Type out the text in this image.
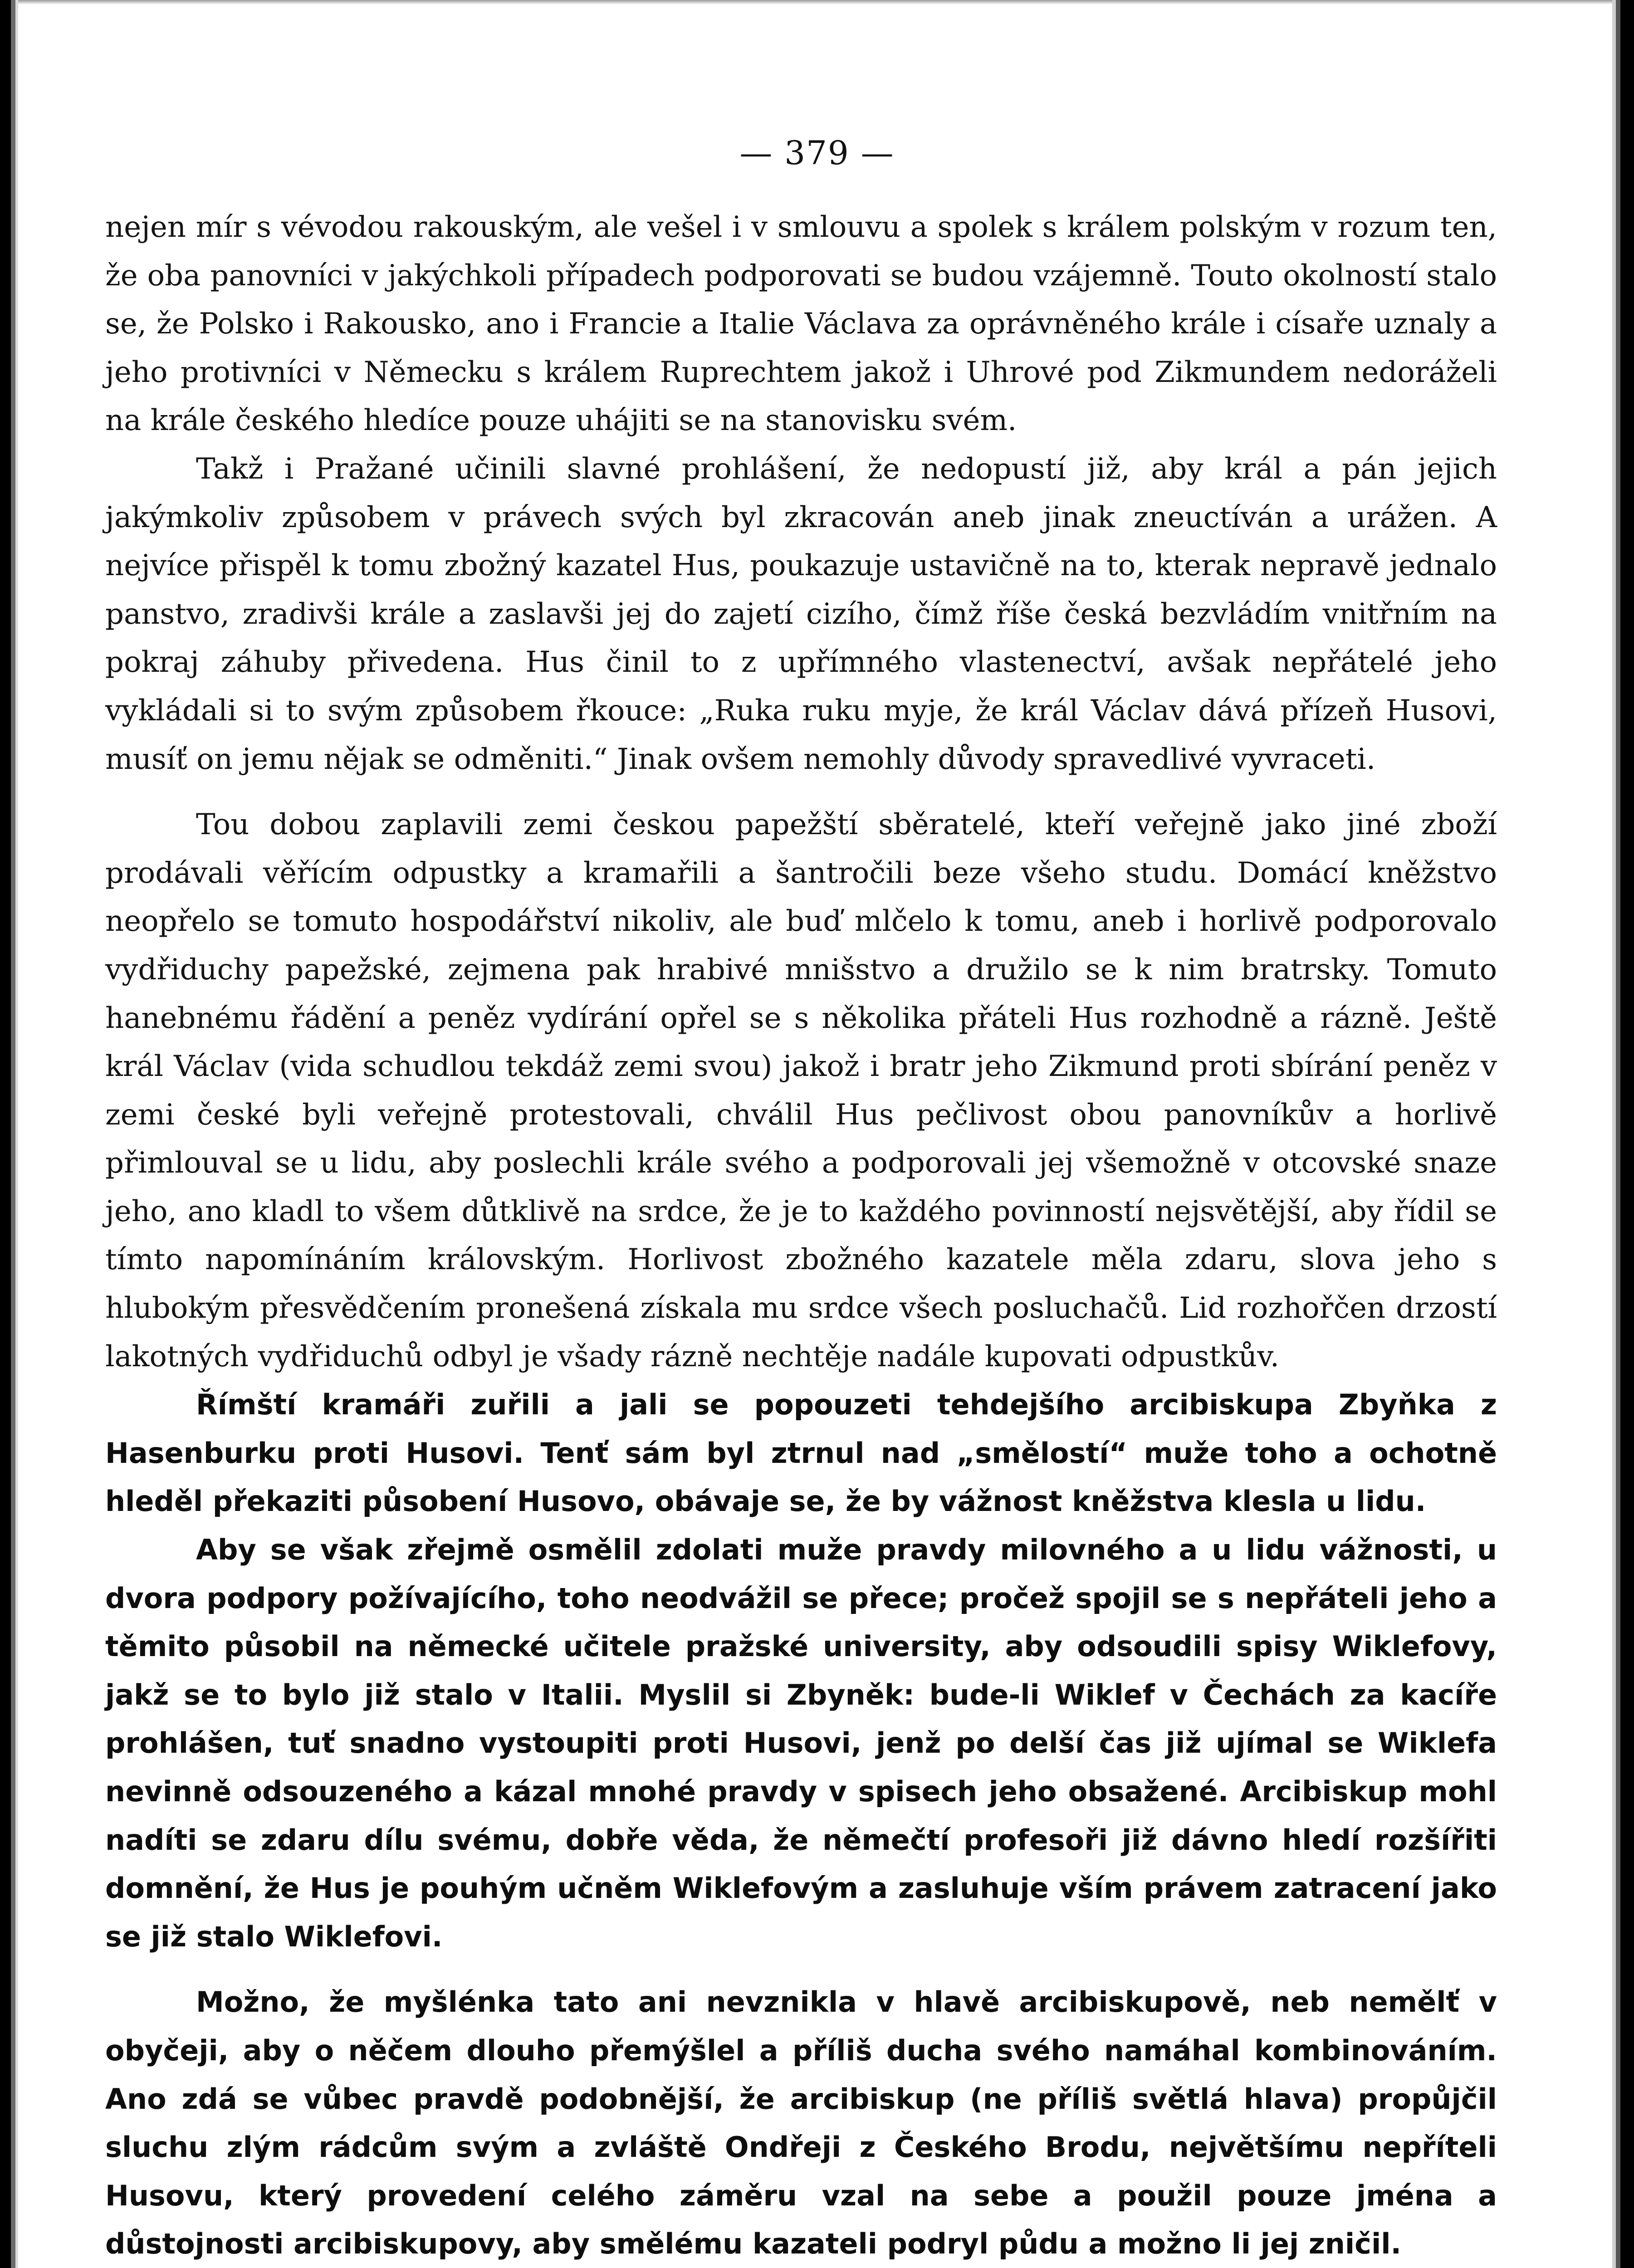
— 379 —

nejen mír s vévodou rakouským, ale vešel i v smlouvu a spolek s králem polským v rozum ten, že oba panovníci v jakýchkoli případech podporovati se budou vzájemně. Touto okolností stalo se, že Polsko i Rakousko, ano i Francie a Italie Václava za oprávněného krále i císaře uznaly a jeho protivníci v Německu s králem Ruprechtem jakož i Uhrové pod Zikmundem nedoráželi na krále českého hledíce pouze uhájiti se na stanovisku svém.

Takž i Pražané učinili slavné prohlášení, že nedopustí již, aby král a pán jejich jakýmkoliv způsobem v právech svých byl zkracován aneb jinak zneuctíván a urážen. A nejvíce přispěl k tomu zbožný kazatel Hus, poukazuje ustavičně na to, kterak nepravě jednalo panstvo, zradivši krále a zaslavši jej do zajetí cizího, čímž říše česká bezvládím vnitřním na pokraj záhuby přivedena. Hus činil to z upřímného vlastenectví, avšak nepřátelé jeho vykládali si to svým způsobem řkouce: „Ruka ruku myje, že král Václav dává přízeň Husovi, musíť on jemu nějak se odměniti.“ Jinak ovšem nemohly důvody spravedlivé vyvraceti.

Tou dobou zaplavili zemi českou papežští sběratelé, kteří veřejně jako jiné zboží prodávali věřícím odpustky a kramařili a šantročili beze všeho studu. Domácí kněžstvo neopřelo se tomuto hospodářství nikoliv, ale buď mlčelo k tomu, aneb i horlivě podporovalo vydřiduchy papežské, zejmena pak hrabivé mnišstvo a družilo se k nim bratrsky. Tomuto hanebnému řádění a peněz vydírání opřel se s několika přáteli Hus rozhodně a rázně. Ještě král Václav (vida schudlou tekdáž zemi svou) jakož i bratr jeho Zikmund proti sbírání peněz v zemi české byli veřejně protestovali, chválil Hus pečlivost obou panovníkův a horlivě přimlouval se u lidu, aby poslechli krále svého a podporovali jej všemožně v otcovské snaze jeho, ano kladl to všem důtklivě na srdce, že je to každého povinností nejsvětější, aby řídil se tímto napomínáním královským. Horlivost zbožného kazatele měla zdaru, slova jeho s hlubokým přesvědčením pronešená získala mu srdce všech posluchačů. Lid rozhořčen drzostí lakotných vydřiduchů odbyl je všady rázně nechtěje nadále kupovati odpustkův.

Římští kramáři zuřili a jali se popouzeti tehdejšího arcibiskupa Zbyňka z Hasenburku proti Husovi. Tenť sám byl ztrnul nad „smělostí“ muže toho a ochotně hleděl překaziti působení Husovo, obávaje se, že by vážnost kněžstva klesla u lidu.

Aby se však zřejmě osmělil zdolati muže pravdy milovného a u lidu vážnosti, u dvora podpory požívajícího, toho neodvážil se přece; pročež spojil se s nepřáteli jeho a těmito působil na německé učitele pražské university, aby odsoudili spisy Wiklefovy, jakž se to bylo již stalo v Italii. Myslil si Zbyněk: bude-li Wiklef v Čechách za kacíře prohlášen, tuť snadno vystoupiti proti Husovi, jenž po delší čas již ujímal se Wiklefa nevinně odsouzeného a kázal mnohé pravdy v spisech jeho obsažené. Arcibiskup mohl nadíti se zdaru dílu svému, dobře věda, že němečtí profesoři již dávno hledí rozšířiti domnění, že Hus je pouhým učněm Wiklefovým a zasluhuje vším právem zatracení jako se již stalo Wiklefovi.

Možno, že myšlénka tato ani nevznikla v hlavě arcibiskupově, neb nemělť v obyčeji, aby o něčem dlouho přemýšlel a příliš ducha svého namáhal kombinováním. Ano zdá se vůbec pravdě podobnější, že arcibiskup (ne příliš světlá hlava) propůjčil sluchu zlým rádcům svým a zvláště Ondřeji z Českého Brodu, největšímu nepříteli Husovu, který provedení celého záměru vzal na sebe a použil pouze jména a důstojnosti arcibiskupovy, aby smělému kazateli podryl půdu a možno li jej zničil.
